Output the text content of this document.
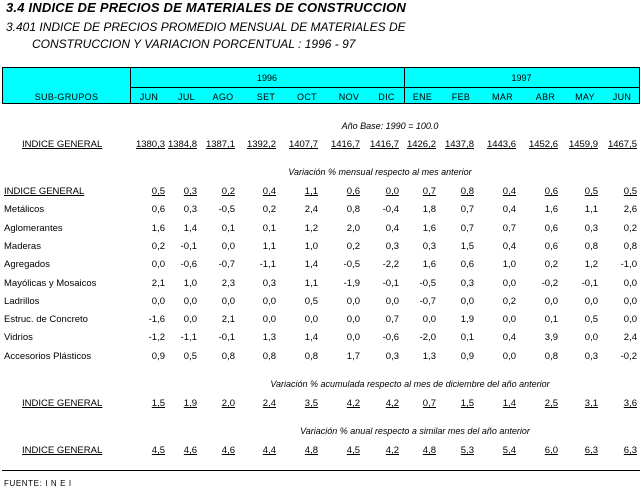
3.4 INDICE DE PRECIOS DE MATERIALES DE CONSTRUCCION
3.401 INDICE DE PRECIOS PROMEDIO MENSUAL DE MATERIALES DE
CONSTRUCCION Y VARIACION PORCENTUAL : 1996 - 97
1996	1997
SUB-GRUPOS	JUN	JUL	AGO	SET	OCT	NOV	DIC	ENE	FEB	MAR	ABR	MAY	JUN
Año Base: 1990 = 100.0
INDICE GENERAL	1380,3 1384,8 1387,1	1392,2	1407,7	1416,7	1416,7 1426,2 1437,8	1443,6	1452,6	1459,9	1467,5
Variación % mensual respecto al mes anterior
INDICE GENERAL	0,5	0,3	0,2	0,4	1,1	0,6	0,0	0,7	0,8	0,4	0,6	0,5	0,5
Metálicos	0,6	0,3	-0,5	0,2	2,4	0,8	-0,4	1,8	0,7	0,4	1,6	1,1	2,6
Aglomerantes	1,6	1,4	0,1	0,1	1,2	2,0	0,4	1,6	0,7	0,7	0,6	0,3	0,2
Maderas	0,2	-0,1	0,0	1,1	1,0	0,2	0,3	0,3	1,5	0,4	0,6	0,8	0,8
Agregados	0,0	-0,6	-0,7	-1,1	1,4	-0,5	-2,2	1,6	0,6	1,0	0,2	1,2	-1,0
Mayólicas y Mosaicos	2,1	1,0	2,3	0,3	1,1	-1,9	-0,1	-0,5	0,3	0,0	-0,2	-0,1	0,0
Ladrillos	0,0	0,0	0,0	0,0	0,5	0,0	0,0	-0,7	0,0	0,2	0,0	0,0	0,0
Estruc. de Concreto	-1,6	0,0	2,1	0,0	0,0	0,0	0,7	0,0	1,9	0,0	0,1	0,5	0,0
Vidrios	-1,2	-1,1	-0,1	1,3	1,4	0,0	-0,6	-2,0	0,1	0,4	3,9	0,0	2,4
Accesorios Plásticos	0,9	0,5	0,8	0,8	0,8	1,7	0,3	1,3	0,9	0,0	0,8	0,3	-0,2
Variación % acumulada respecto al mes de diciembre del año anterior
INDICE GENERAL	1,5	1,9	2,0	2,4	3,5	4,2	4,2	0,7	1,5	1,4	2,5	3,1	3,6
Variación % anual respecto a similar mes del año anterior
INDICE GENERAL	4,5	4,6	4,6	4,4	4,8	4,5	4,2	4,8	5,3	5,4	6,0	6,3	6,3
FUENTE: I N E I
